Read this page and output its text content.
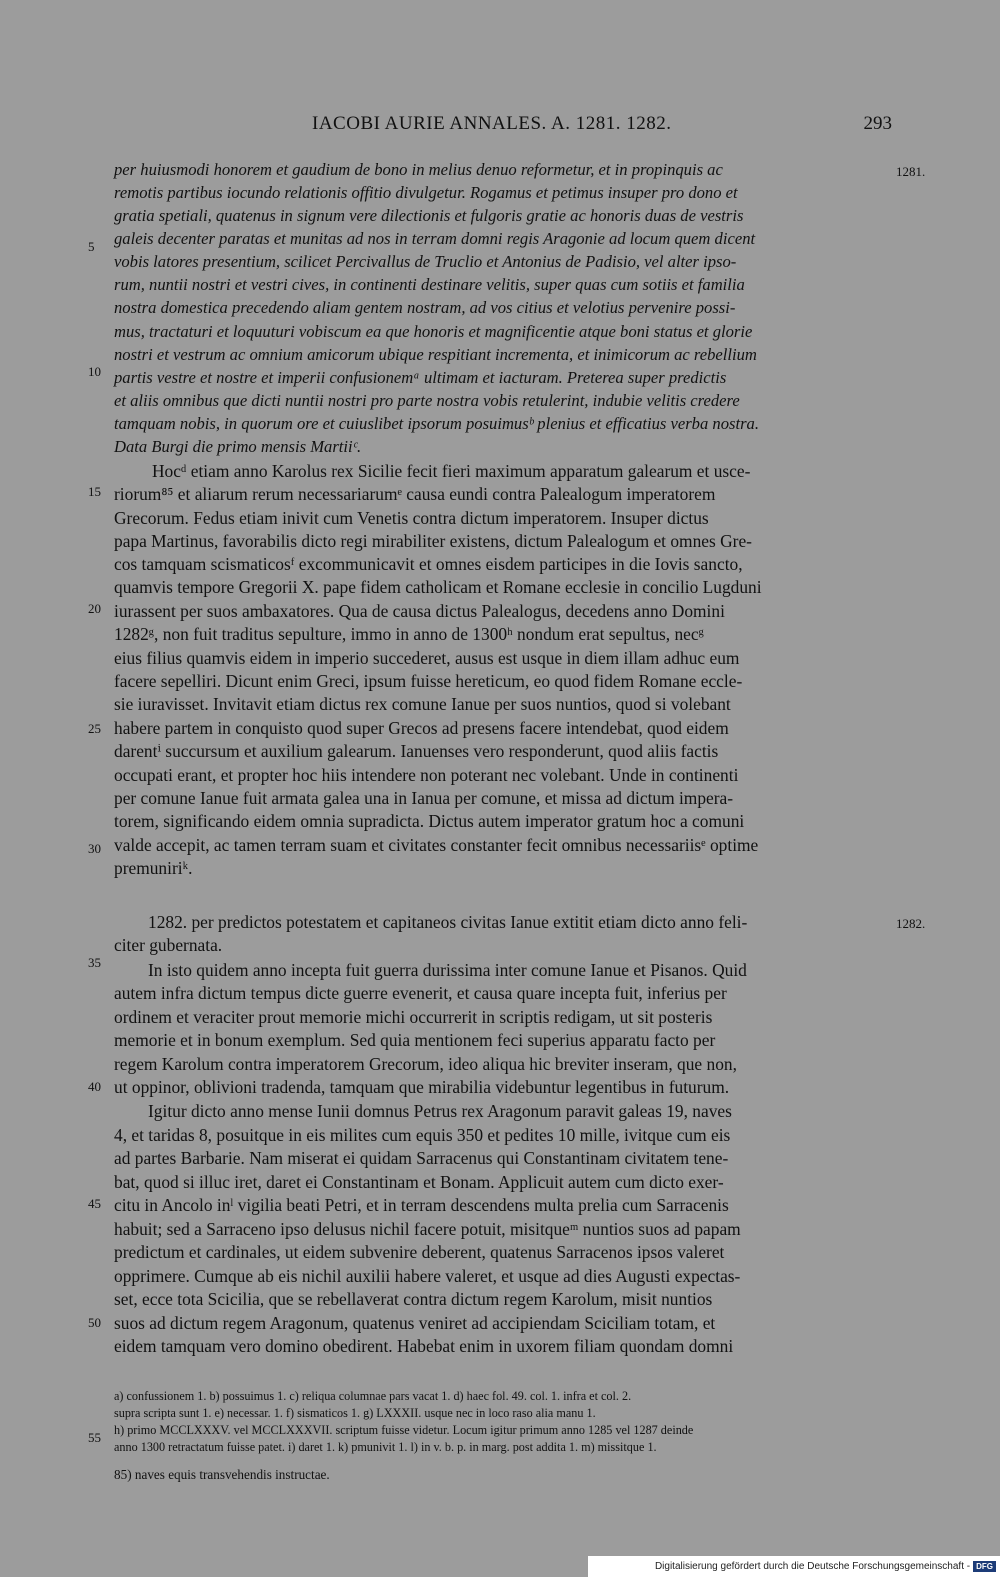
IACOBI AURIE ANNALES. A. 1281. 1282.	293
1281.
1282.
5
10
15
20
25
30
35
40
45
50
55
per huiusmodi honorem et gaudium de bono in melius denuo reformetur, et in propinquis ac
remotis partibus iocundo relationis offitio divulgetur. Rogamus et petimus insuper pro dono et
gratia spetiali, quatenus in signum vere dilectionis et fulgoris gratie ac honoris duas de vestris
galeis decenter paratas et munitas ad nos in terram domni regis Aragonie ad locum quem dicent
vobis latores presentium, scilicet Percivallus de Truclio et Antonius de Padisio, vel alter ipso-
rum, nuntii nostri et vestri cives, in continenti destinare velitis, super quas cum sotiis et familia
nostra domestica precedendo aliam gentem nostram, ad vos citius et velotius pervenire possi-
mus, tractaturi et loquuturi vobiscum ea que honoris et magnificentie atque boni status et glorie
nostri et vestrum ac omnium amicorum ubique respitiant incrementa, et inimicorum ac rebellium
partis vestre et nostre et imperii confusionemᵃ ultimam et iacturam. Preterea super predictis
et aliis omnibus que dicti nuntii nostri pro parte nostra vobis retulerint, indubie velitis credere
tamquam nobis, in quorum ore et cuiuslibet ipsorum posuimusᵇ plenius et efficatius verba nostra.
Data Burgi die primo mensis Martiiᶜ.
Hocᵈ etiam anno Karolus rex Sicilie fecit fieri maximum apparatum galearum et usce-
riorum⁸⁵ et aliarum rerum necessariarumᵉ causa eundi contra Palealogum imperatorem
Grecorum. Fedus etiam inivit cum Venetis contra dictum imperatorem. Insuper dictus
papa Martinus, favorabilis dicto regi mirabiliter existens, dictum Palealogum et omnes Gre-
cos tamquam scismaticosᶠ excommunicavit et omnes eisdem participes in die Iovis sancto,
quamvis tempore Gregorii X. pape fidem catholicam et Romane ecclesie in concilio Lugduni
iurassent per suos ambaxatores. Qua de causa dictus Palealogus, decedens anno Domini
1282ᵍ, non fuit traditus sepulture, immo in anno de 1300ʰ nondum erat sepultus, necᵍ
eius filius quamvis eidem in imperio succederet, ausus est usque in diem illam adhuc eum
facere sepelliri. Dicunt enim Greci, ipsum fuisse hereticum, eo quod fidem Romane eccle-
sie iuravisset. Invitavit etiam dictus rex comune Ianue per suos nuntios, quod si volebant
habere partem in conquisto quod super Grecos ad presens facere intendebat, quod eidem
darentⁱ succursum et auxilium galearum. Ianuenses vero responderunt, quod aliis factis
occupati erant, et propter hoc hiis intendere non poterant nec volebant. Unde in continenti
per comune Ianue fuit armata galea una in Ianua per comune, et missa ad dictum impera-
torem, significando eidem omnia supradicta. Dictus autem imperator gratum hoc a comuni
valde accepit, ac tamen terram suam et civitates constanter fecit omnibus necessariisᵉ optime
premuniriᵏ.
1282. per predictos potestatem et capitaneos civitas Ianue extitit etiam dicto anno feli-
citer gubernata.
In isto quidem anno incepta fuit guerra durissima inter comune Ianue et Pisanos. Quid
autem infra dictum tempus dicte guerre evenerit, et causa quare incepta fuit, inferius per
ordinem et veraciter prout memorie michi occurrerit in scriptis redigam, ut sit posteris
memorie et in bonum exemplum. Sed quia mentionem feci superius apparatu facto per
regem Karolum contra imperatorem Grecorum, ideo aliqua hic breviter inseram, que non,
ut oppinor, oblivioni tradenda, tamquam que mirabilia videbuntur legentibus in futurum.
Igitur dicto anno mense Iunii domnus Petrus rex Aragonum paravit galeas 19, naves
4, et taridas 8, posuitque in eis milites cum equis 350 et pedites 10 mille, ivitque cum eis
ad partes Barbarie. Nam miserat ei quidam Sarracenus qui Constantinam civitatem tene-
bat, quod si illuc iret, daret ei Constantinam et Bonam. Applicuit autem cum dicto exer-
citu in Ancolo inˡ vigilia beati Petri, et in terram descendens multa prelia cum Sarracenis
habuit; sed a Sarraceno ipso delusus nichil facere potuit, misitqueᵐ nuntios suos ad papam
predictum et cardinales, ut eidem subvenire deberent, quatenus Sarracenos ipsos valeret
opprimere. Cumque ab eis nichil auxilii habere valeret, et usque ad dies Augusti expectas-
set, ecce tota Scicilia, que se rebellaverat contra dictum regem Karolum, misit nuntios
suos ad dictum regem Aragonum, quatenus veniret ad accipiendam Sciciliam totam, et
eidem tamquam vero domino obedirent. Habebat enim in uxorem filiam quondam domni
a) confussionem 1. b) possuimus 1. c) reliqua columnae pars vacat 1. d) haec fol. 49. col. 1. infra et col. 2.
supra scripta sunt 1. e) necessar. 1. f) sismaticos 1. g) LXXXII. usque nec in loco raso alia manu 1.
h) primo MCCLXXXV. vel MCCLXXXVII. scriptum fuisse videtur. Locum igitur primum anno 1285 vel 1287 deinde
anno 1300 retractatum fuisse patet. i) daret 1. k) pmunivit 1. l) in v. b. p. in marg. post addita 1. m) missitque 1.
85) naves equis transvehendis instructae.
Digitalisierung gefördert durch die Deutsche Forschungsgemeinschaft - DFG
